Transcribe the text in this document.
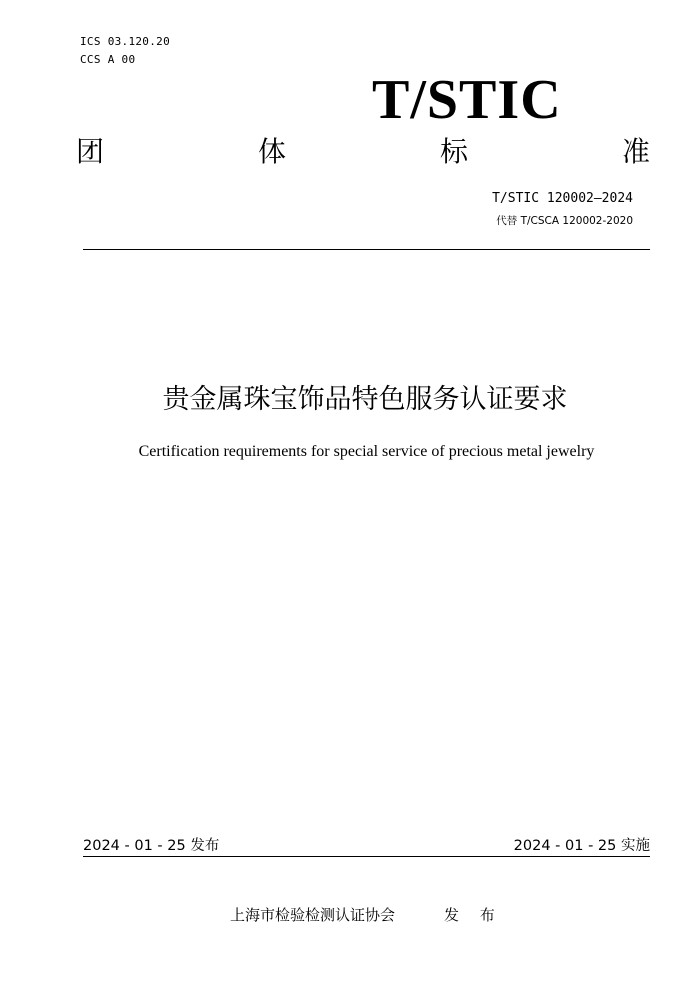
ICS 03.120.20
CCS A 00
T/STIC
团	体	标	准
T/STIC 120002—2024
代替 T/CSCA 120002-2020
贵金属珠宝饰品特色服务认证要求
Certification requirements for special service of precious metal jewelry
2024 - 01 - 25 发布	2024 - 01 - 25 实施
上海市检验检测认证协会	发 布
